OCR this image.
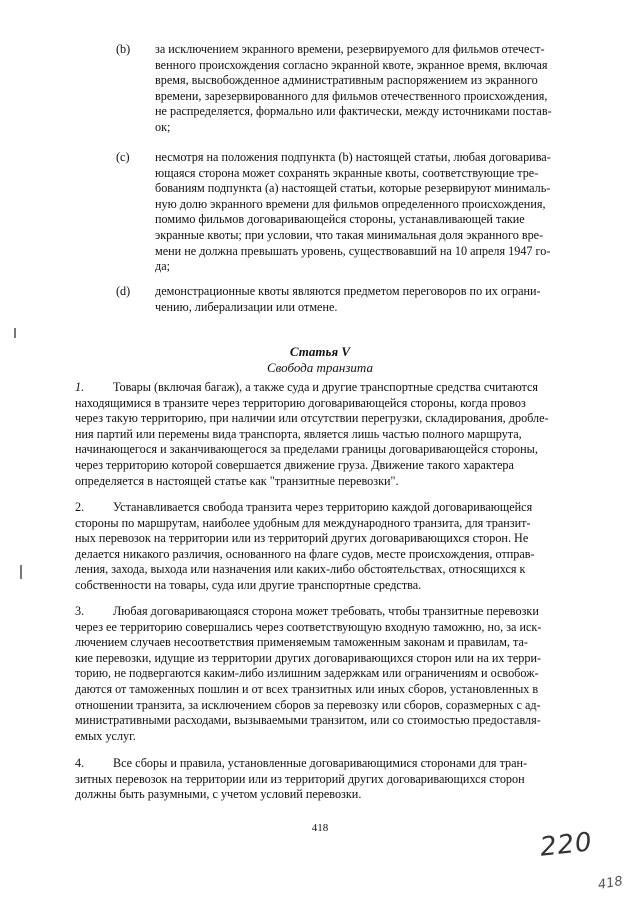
(b) за исключением экранного времени, резервируемого для фильмов отечест-
венного происхождения согласно экранной квоте, экранное время, включая
время, высвобожденное административным распоряжением из экранного
времени, зарезервированного для фильмов отечественного происхождения,
не распределяется, формально или фактически, между источниками постав-
ок;
(c) несмотря на положения подпункта (b) настоящей статьи, любая договарива-
ющаяся сторона может сохранять экранные квоты, соответствующие тре-
бованиям подпункта (a) настоящей статьи, которые резервируют минималь-
ную долю экранного времени для фильмов определенного происхождения,
помимо фильмов договаривающейся стороны, устанавливающей такие
экранные квоты; при условии, что такая минимальная доля экранного вре-
мени не должна превышать уровень, существовавший на 10 апреля 1947 го-
да;
(d) демонстрационные квоты являются предметом переговоров по их ограни-
чению, либерализации или отмене.
Статья V
Свобода транзита
1. Товары (включая багаж), а также суда и другие транспортные средства считаются
находящимися в транзите через территорию договаривающейся стороны, когда провоз
через такую территорию, при наличии или отсутствии перегрузки, складирования, дробле-
ния партий или перемены вида транспорта, является лишь частью полного маршрута,
начинающегося и заканчивающегося за пределами границы договаривающейся стороны,
через территорию которой совершается движение груза. Движение такого характера
определяется в настоящей статье как "транзитные перевозки".
2. Устанавливается свобода транзита через территорию каждой договаривающейся
стороны по маршрутам, наиболее удобным для международного транзита, для транзит-
ных перевозок на территории или из территорий других договаривающихся сторон. Не
делается никакого различия, основанного на флаге судов, месте происхождения, отправ-
ления, захода, выхода или назначения или каких-либо обстоятельствах, относящихся к
собственности на товары, суда или другие транспортные средства.
3. Любая договаривающаяся сторона может требовать, чтобы транзитные перевозки
через ее территорию совершались через соответствующую входную таможню, но, за иск-
лючением случаев несоответствия применяемым таможенным законам и правилам, та-
кие перевозки, идущие из территории других договаривающихся сторон или на их терри-
торию, не подвергаются каким-либо излишним задержкам или ограничениям и освобож-
даются от таможенных пошлин и от всех транзитных или иных сборов, установленных в
отношении транзита, за исключением сборов за перевозку или сборов, соразмерных с ад-
министративными расходами, вызываемыми транзитом, или со стоимостью предоставля-
емых услуг.
4. Все сборы и правила, установленные договаривающимися сторонами для тран-
зитных перевозок на территории или из территорий других договаривающихся сторон
должны быть разумными, с учетом условий перевозки.
418	220
418
